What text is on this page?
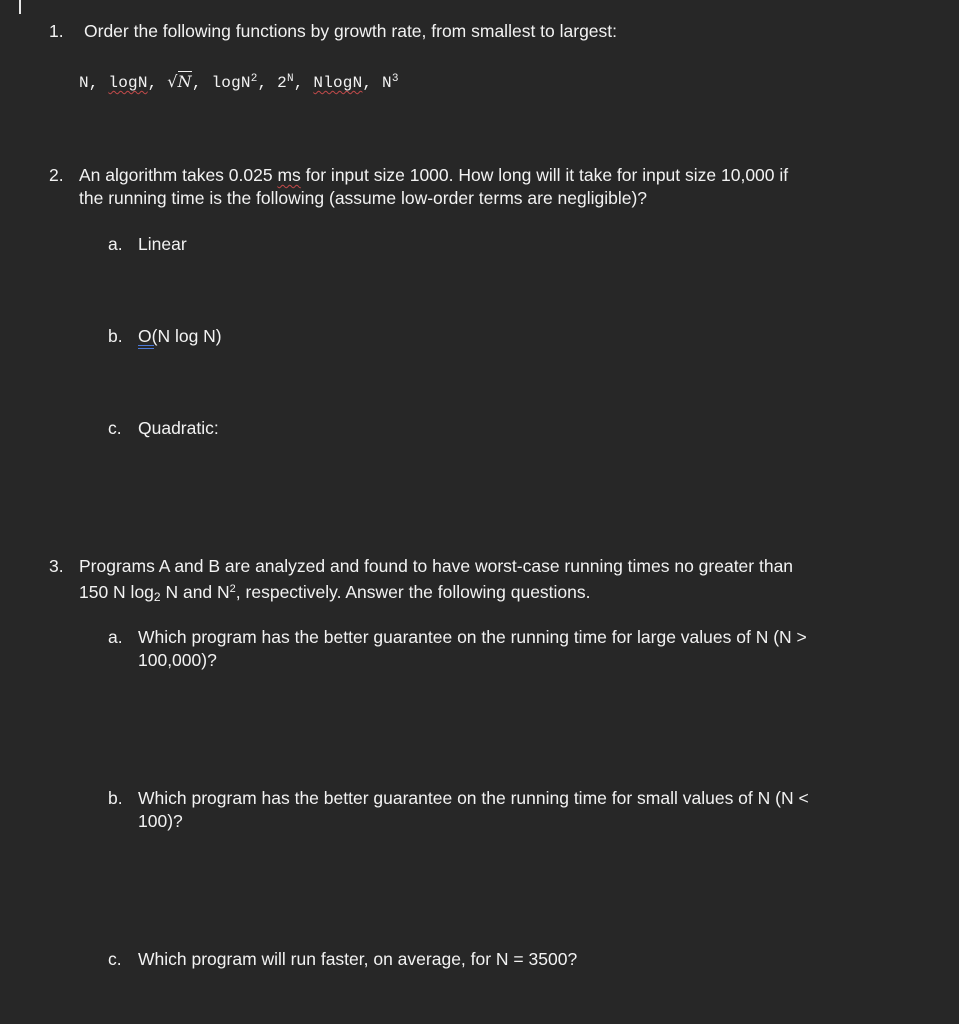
1. Order the following functions by growth rate, from smallest to largest:
N, logN, √N, logN$^2$, $2^N$, NlogN, $N^3$
2. An algorithm takes 0.025 ms for input size 1000. How long will it take for input size 10,000 if
the running time is the following (assume low-order terms are negligible)?
a. Linear
b. O(N log N)
c. Quadratic:
3. Programs A and B are analyzed and found to have worst-case running times no greater than
150 N $\log_2 N$ and $N^2$, respectively. Answer the following questions.
a. Which program has the better guarantee on the running time for large values of N (N >
100,000)?
b. Which program has the better guarantee on the running time for small values of N (N <
100)?
c. Which program will run faster, on average, for N = 3500?
